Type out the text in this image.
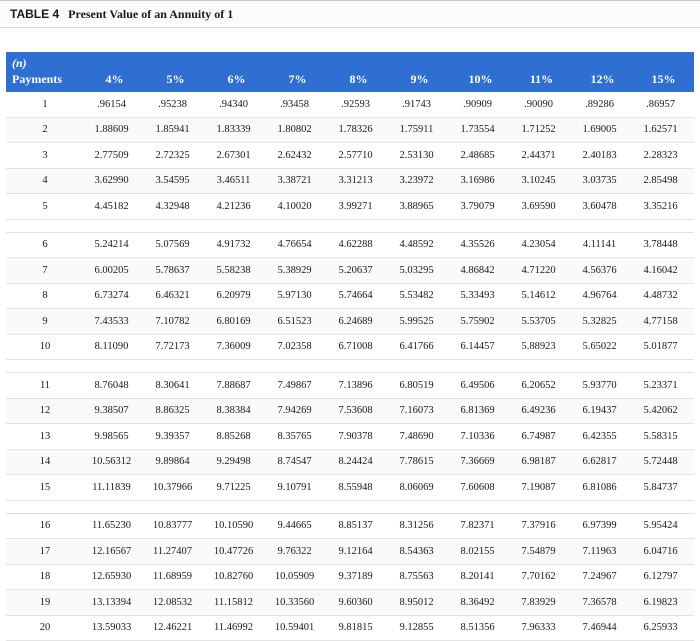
TABLE 4 Present Value of an Annuity of 1
(n)
Payments	4%	5%	6%	7%	8%	9%	10%	11%	12%	15%

1	.96154	.95238	.94340	.93458	.92593	.91743	.90909	.90090	.89286	.86957
2	1.88609	1.85941	1.83339	1.80802	1.78326	1.75911	1.73554	1.71252	1.69005	1.62571
3	2.77509	2.72325	2.67301	2.62432	2.57710	2.53130	2.48685	2.44371	2.40183	2.28323
4	3.62990	3.54595	3.46511	3.38721	3.31213	3.23972	3.16986	3.10245	3.03735	2.85498
5	4.45182	4.32948	4.21236	4.10020	3.99271	3.88965	3.79079	3.69590	3.60478	3.35216

6	5.24214	5.07569	4.91732	4.76654	4.62288	4.48592	4.35526	4.23054	4.11141	3.78448
7	6.00205	5.78637	5.58238	5.38929	5.20637	5.03295	4.86842	4.71220	4.56376	4.16042
8	6.73274	6.46321	6.20979	5.97130	5.74664	5.53482	5.33493	5.14612	4.96764	4.48732
9	7.43533	7.10782	6.80169	6.51523	6.24689	5.99525	5.75902	5.53705	5.32825	4.77158
10	8.11090	7.72173	7.36009	7.02358	6.71008	6.41766	6.14457	5.88923	5.65022	5.01877

11	8.76048	8.30641	7.88687	7.49867	7.13896	6.80519	6.49506	6.20652	5.93770	5.23371
12	9.38507	8.86325	8.38384	7.94269	7.53608	7.16073	6.81369	6.49236	6.19437	5.42062
13	9.98565	9.39357	8.85268	8.35765	7.90378	7.48690	7.10336	6.74987	6.42355	5.58315
14	10.56312	9.89864	9.29498	8.74547	8.24424	7.78615	7.36669	6.98187	6.62817	5.72448
15	11.11839	10.37966	9.71225	9.10791	8.55948	8.06069	7.60608	7.19087	6.81086	5.84737

16	11.65230	10.83777	10.10590	9.44665	8.85137	8.31256	7.82371	7.37916	6.97399	5.95424
17	12.16567	11.27407	10.47726	9.76322	9.12164	8.54363	8.02155	7.54879	7.11963	6.04716
18	12.65930	11.68959	10.82760	10.05909	9.37189	8.75563	8.20141	7.70162	7.24967	6.12797
19	13.13394	12.08532	11.15812	10.33560	9.60360	8.95012	8.36492	7.83929	7.36578	6.19823
20	13.59033	12.46221	11.46992	10.59401	9.81815	9.12855	8.51356	7.96333	7.46944	6.25933
